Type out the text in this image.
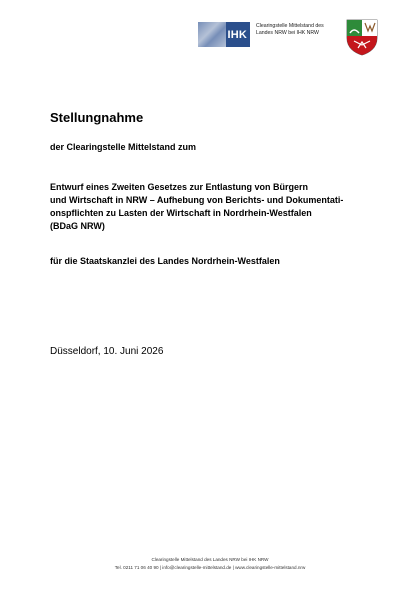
IHK
Clearingstelle Mittelstand des
Landes NRW bei IHK NRW
Stellungnahme
der Clearingstelle Mittelstand zum
Entwurf eines Zweiten Gesetzes zur Entlastung von Bürgern
und Wirtschaft in NRW – Aufhebung von Berichts- und Dokumentati-
onspflichten zu Lasten der Wirtschaft in Nordrhein-Westfalen
(BDaG NRW)
für die Staatskanzlei des Landes Nordrhein-Westfalen
Düsseldorf, 10. Juni 2026
Clearingstelle Mittelstand des Landes NRW bei IHK NRW
Tel. 0211 71 06 40 90 | info@clearingstelle-mittelstand.de | www.clearingstelle-mittelstand.nrw
